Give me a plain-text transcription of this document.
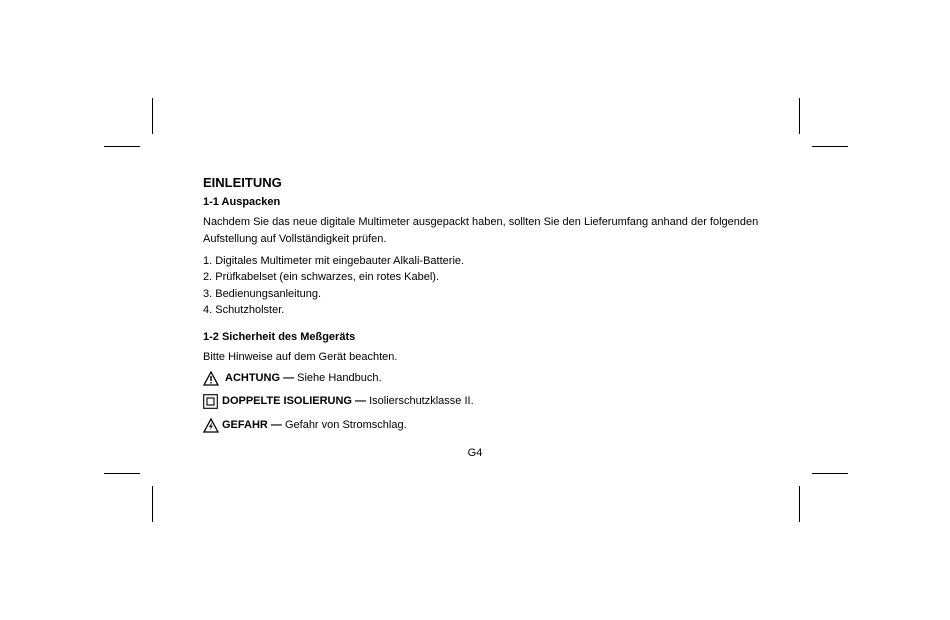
EINLEITUNG
1-1 Auspacken
Nachdem Sie das neue digitale Multimeter ausgepackt haben, sollten Sie den Lieferumfang anhand der folgenden Aufstellung auf Vollständigkeit prüfen.
1. Digitales Multimeter mit eingebauter Alkali-Batterie.
2. Prüfkabelset (ein schwarzes, ein rotes Kabel).
3. Bedienungsanleitung.
4. Schutzholster.
1-2 Sicherheit des Meßgeräts
Bitte Hinweise auf dem Gerät beachten.
ACHTUNG
—
Siehe Handbuch.
DOPPELTE ISOLIERUNG
—
Isolierschutzklasse II.
GEFAHR
—
Gefahr von Stromschlag.
G4
